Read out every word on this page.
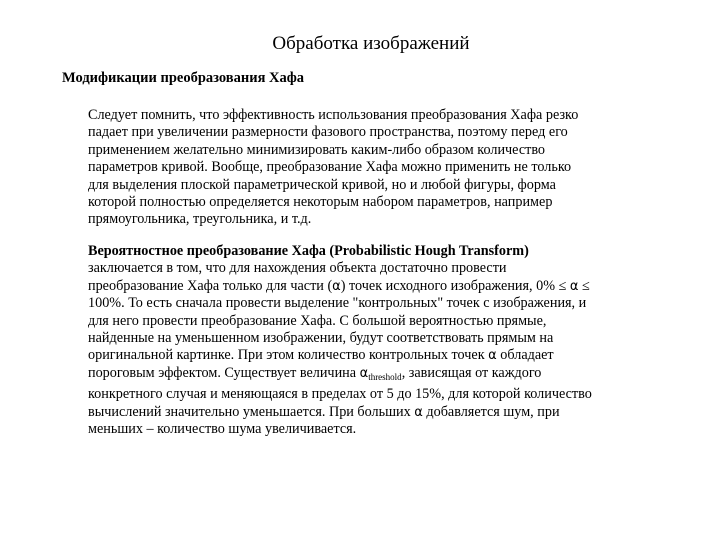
Обработка изображений
Модификации преобразования Хафа
Следует помнить, что эффективность использования преобразования Хафа резко
падает при увеличении размерности фазового пространства, поэтому перед его
применением желательно минимизировать каким-либо образом количество
параметров кривой. Вообще, преобразование Хафа можно применить не только
для выделения плоской параметрической кривой, но и любой фигуры, форма
которой полностью определяется некоторым набором параметров, например
прямоугольника, треугольника, и т.д.
Вероятностное преобразование Хафа (Probabilistic Hough Transform)
заключается в том, что для нахождения объекта достаточно провести
преобразование Хафа только для части (α) точек исходного изображения, 0% ≤ α ≤
100%. То есть сначала провести выделение "контрольных" точек с изображения, и
для него провести преобразование Хафа. С большой вероятностью прямые,
найденные на уменьшенном изображении, будут соответствовать прямым на
оригинальной картинке. При этом количество контрольных точек α обладает
пороговым эффектом. Существует величина $\alpha_{threshold}$, зависящая от каждого
конкретного случая и меняющаяся в пределах от 5 до 15%, для которой количество
вычислений значительно уменьшается. При больших α добавляется шум, при
меньших – количество шума увеличивается.
